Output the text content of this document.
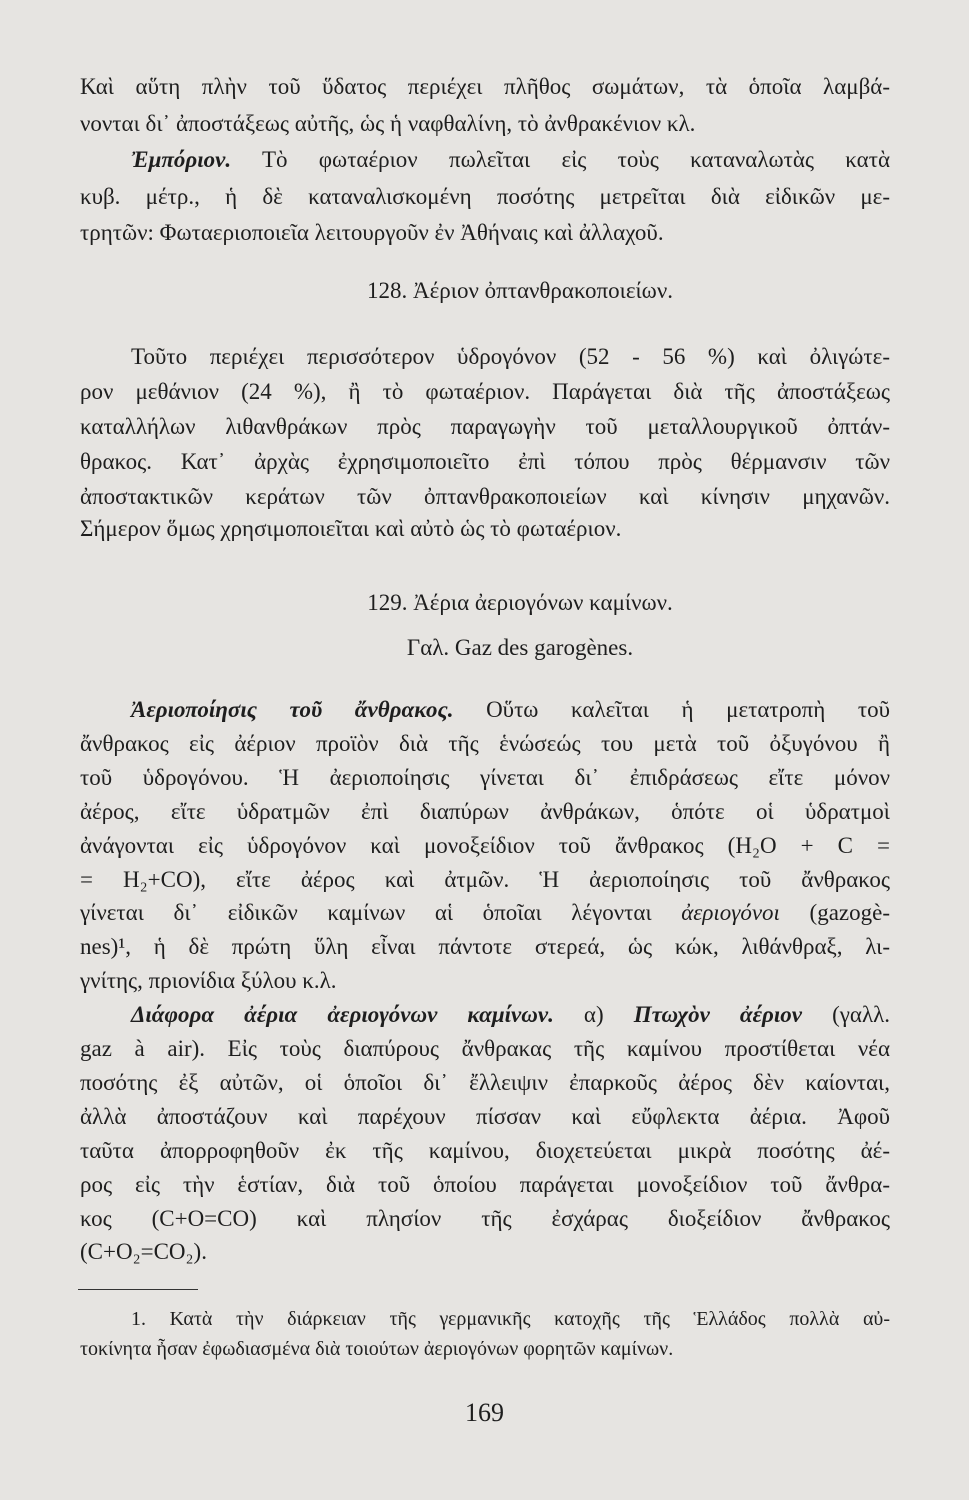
Καὶ αὕτη πλὴν τοῦ ὕδατος περιέχει πλῆθος σωμάτων, τὰ ὁποῖα λαμβά-
νονται δι᾽ ἀποστάξεως αὐτῆς, ὡς ἡ ναφθαλίνη, τὸ ἀνθρακένιον κλ.
Ἐμπόριον. Τὸ φωταέριον πωλεῖται εἰς τοὺς καταναλωτὰς κατὰ
κυβ. μέτρ., ἡ δὲ καταναλισκομένη ποσότης μετρεῖται διὰ εἰδικῶν με-
τρητῶν: Φωταεριοποιεῖα λειτουργοῦν ἐν Ἀθήναις καὶ ἀλλαχοῦ.
128. Ἀέριον ὀπτανθρακοποιείων.
Τοῦτο περιέχει περισσότερον ὑδρογόνον (52 - 56 %) καὶ ὀλιγώτε-
ρον μεθάνιον (24 %), ἢ τὸ φωταέριον. Παράγεται διὰ τῆς ἀποστάξεως
καταλλήλων λιθανθράκων πρὸς παραγωγὴν τοῦ μεταλλουργικοῦ ὀπτάν-
θρακος. Κατ᾽ ἀρχὰς ἐχρησιμοποιεῖτο ἐπὶ τόπου πρὸς θέρμανσιν τῶν
ἀποστακτικῶν κεράτων τῶν ὀπτανθρακοποιείων καὶ κίνησιν μηχανῶν.
Σήμερον ὅμως χρησιμοποιεῖται καὶ αὐτὸ ὡς τὸ φωταέριον.
129. Ἀέρια ἀεριογόνων καμίνων.
Γαλ. Gaz des garogènes.
Ἀεριοποίησις τοῦ ἄνθρακος. Οὕτω καλεῖται ἡ μετατροπὴ τοῦ
ἄνθρακος εἰς ἀέριον προϊὸν διὰ τῆς ἑνώσεώς του μετὰ τοῦ ὀξυγόνου ἢ
τοῦ ὑδρογόνου. Ἡ ἀεριοποίησις γίνεται δι᾽ ἐπιδράσεως εἴτε μόνον
ἀέρος, εἴτε ὑδρατμῶν ἐπὶ διαπύρων ἀνθράκων, ὁπότε οἱ ὑδρατμοὶ
ἀνάγονται εἰς ὑδρογόνον καὶ μονοξείδιον τοῦ ἄνθρακος (H₂O + C =
= H₂+CO), εἴτε ἀέρος καὶ ἀτμῶν. Ἡ ἀεριοποίησις τοῦ ἄνθρακος
γίνεται δι᾽ εἰδικῶν καμίνων αἱ ὁποῖαι λέγονται ἀεριογόνοι (gazogè-
nes)¹, ἡ δὲ πρώτη ὕλη εἶναι πάντοτε στερεά, ὡς κώκ, λιθάνθραξ, λι-
γνίτης, πριονίδια ξύλου κ.λ.
Διάφορα ἀέρια ἀεριογόνων καμίνων. α) Πτωχὸν ἀέριον (γαλλ.
gaz à air). Εἰς τοὺς διαπύρους ἄνθρακας τῆς καμίνου προστίθεται νέα
ποσότης ἐξ αὐτῶν, οἱ ὁποῖοι δι᾽ ἔλλειψιν ἐπαρκοῦς ἀέρος δὲν καίονται,
ἀλλὰ ἀποστάζουν καὶ παρέχουν πίσσαν καὶ εὔφλεκτα ἀέρια. Ἀφοῦ
ταῦτα ἀπορροφηθοῦν ἐκ τῆς καμίνου, διοχετεύεται μικρὰ ποσότης ἀέ-
ρος εἰς τὴν ἑστίαν, διὰ τοῦ ὁποίου παράγεται μονοξείδιον τοῦ ἄνθρα-
κος (C+O=CO) καὶ πλησίον τῆς ἐσχάρας διοξείδιον ἄνθρακος
(C+O₂=CO₂).
1. Κατὰ τὴν διάρκειαν τῆς γερμανικῆς κατοχῆς τῆς Ἑλλάδος πολλὰ αὐ-
τοκίνητα ἦσαν ἐφωδιασμένα διὰ τοιούτων ἀεριογόνων φορητῶν καμίνων.
169
